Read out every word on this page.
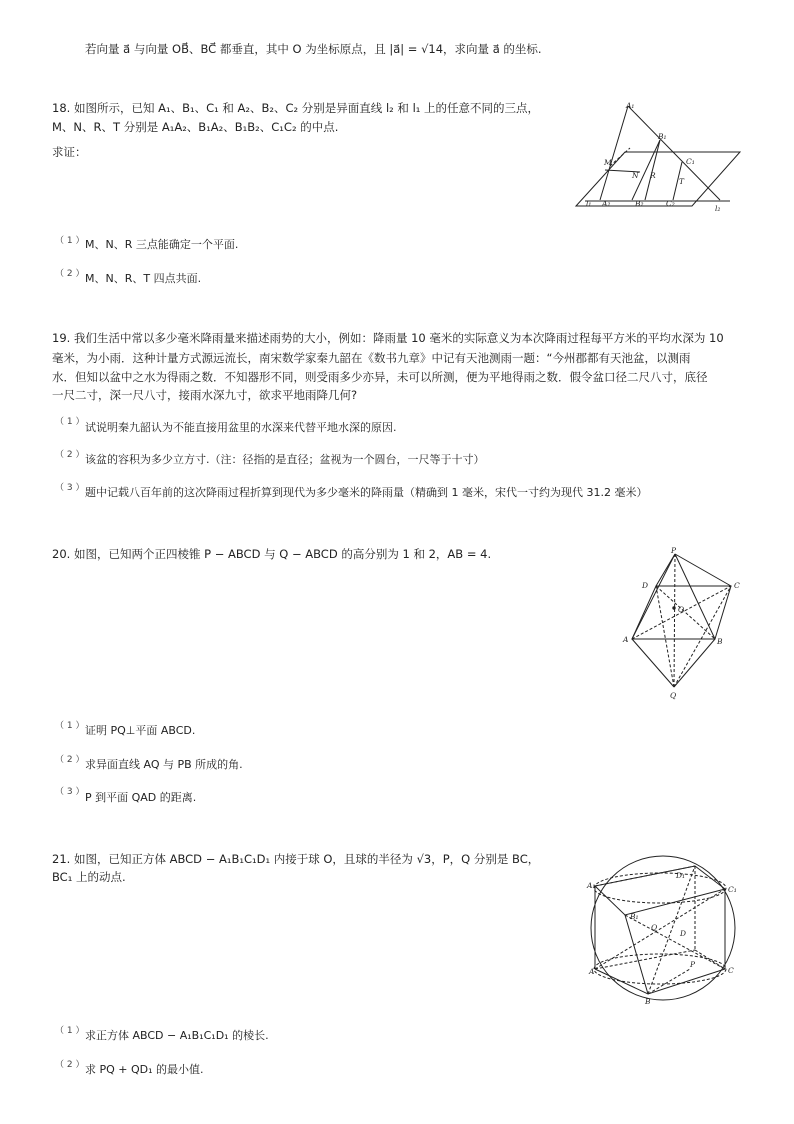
若向量 a⃗ 与向量 OB⃗、BC⃗ 都垂直，其中 O 为坐标原点，且 |a⃗| = √14，求向量 a⃗ 的坐标.
18. 如图所示，已知 A₁、B₁、C₁ 和 A₂、B₂、C₂ 分别是异面直线 l₂ 和 l₁ 上的任意不同的三点，
M、N、R、T 分别是 A₁A₂、B₁A₂、B₁B₂、C₁C₂ 的中点.
求证：
A₁
B₁
C₁
M
N R
T
l₁ A₂	B₂	C₂
l₂
（ 1 ） M、N、R 三点能确定一个平面.
（ 2 ） M、N、R、T 四点共面.
19. 我们生活中常以多少毫米降雨量来描述雨势的大小，例如：降雨量 10 毫米的实际意义为本次降雨过程每平方米的平均水深为 10
毫米，为小雨．这种计量方式源远流长，南宋数学家秦九韶在《数书九章》中记有天池测雨一题：“今州郡都有天池盆，以测雨
水．但知以盆中之水为得雨之数．不知器形不同，则受雨多少亦异，未可以所测，便为平地得雨之数．假令盆口径二尺八寸，底径
一尺二寸，深一尺八寸，接雨水深九寸，欲求平地雨降几何?
（ 1 ） 试说明秦九韶认为不能直接用盆里的水深来代替平地水深的原因.
（ 2 ） 该盆的容积为多少立方寸.（注：径指的是直径；盆视为一个圆台，一尺等于十寸）
（ 3 ） 题中记载八百年前的这次降雨过程折算到现代为多少毫米的降雨量（精确到 1 毫米，宋代一寸约为现代 31.2 毫米）
20. 如图，已知两个正四棱锥 P − ABCD 与 Q − ABCD 的高分别为 1 和 2，AB = 4.	P
D	C
O
A	B
Q
（ 1 ） 证明 PQ⊥平面 ABCD.
（ 2 ） 求异面直线 AQ 与 PB 所成的角.
（ 3 ） P 到平面 QAD 的距离.
21. 如图，已知正方体 ABCD − A₁B₁C₁D₁ 内接于球 O，且球的半径为 √3，P，Q 分别是 BC，
BC₁ 上的动点.
A₁
D₁
C₁
B₁
Q
D
A
P
C
B
（ 1 ） 求正方体 ABCD − A₁B₁C₁D₁ 的棱长.
（ 2 ） 求 PQ + QD₁ 的最小值.
